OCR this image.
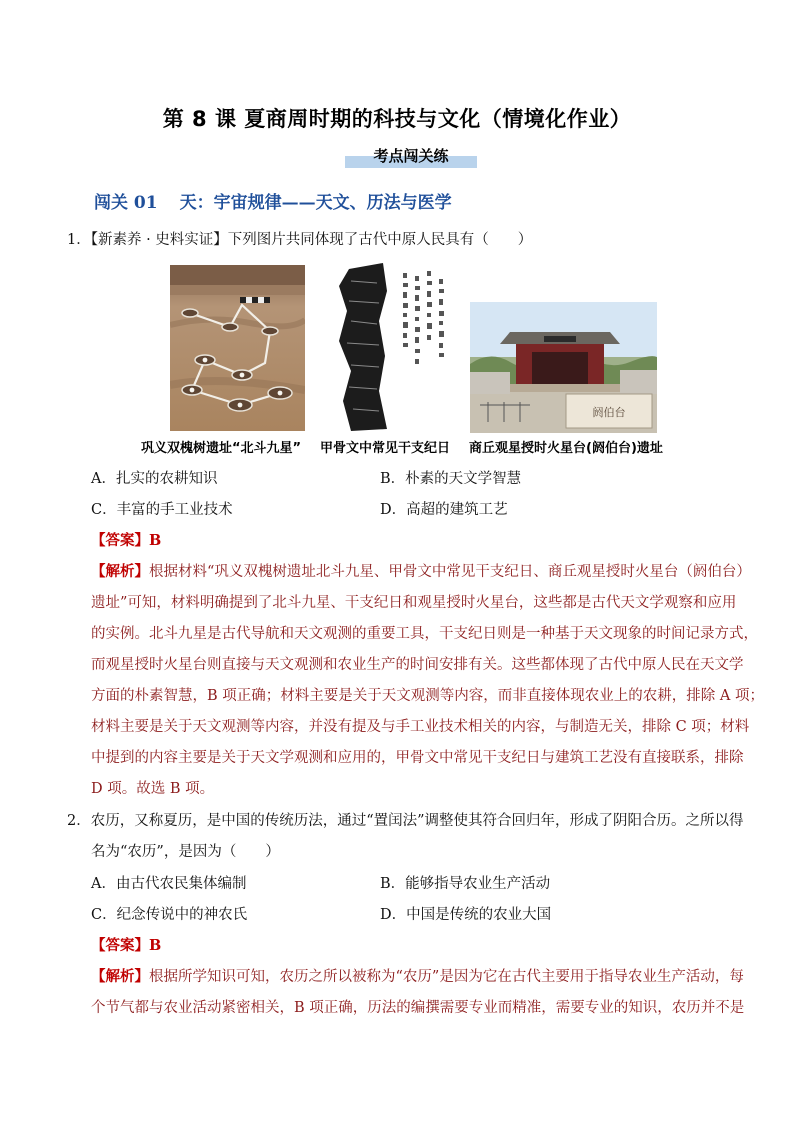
第 8 课 夏商周时期的科技与文化（情境化作业）
考点闯关练
闯关 01 天：宇宙规律——天文、历法与医学
1．【新素养 · 史料实证】下列图片共同体现了古代中原人民具有（　　）
阏伯台
巩义双槐树遗址“北斗九星” 甲骨文中常见干支纪日 商丘观星授时火星台(阏伯台)遗址
A．扎实的农耕知识	B．朴素的天文学智慧
C．丰富的手工业技术	D．高超的建筑工艺
【答案】B
【解析】根据材料“巩义双槐树遗址北斗九星、甲骨文中常见干支纪日、商丘观星授时火星台（阏伯台）
遗址”可知，材料明确提到了北斗九星、干支纪日和观星授时火星台，这些都是古代天文学观察和应用
的实例。北斗九星是古代导航和天文观测的重要工具，干支纪日则是一种基于天文现象的时间记录方式，
而观星授时火星台则直接与天文观测和农业生产的时间安排有关。这些都体现了古代中原人民在天文学
方面的朴素智慧，B 项正确；材料主要是关于天文观测等内容，而非直接体现农业上的农耕，排除 A 项；
材料主要是关于天文观测等内容，并没有提及与手工业技术相关的内容，与制造无关，排除 C 项；材料
中提到的内容主要是关于天文学观测和应用的，甲骨文中常见干支纪日与建筑工艺没有直接联系，排除
D 项。故选 B 项。
2．农历，又称夏历，是中国的传统历法，通过“置闰法”调整使其符合回归年，形成了阴阳合历。之所以得
名为“农历”，是因为（　　）
A．由古代农民集体编制	B．能够指导农业生产活动
C．纪念传说中的神农氏	D．中国是传统的农业大国
【答案】B
【解析】根据所学知识可知，农历之所以被称为“农历”是因为它在古代主要用于指导农业生产活动，每
个节气都与农业活动紧密相关，B 项正确，历法的编撰需要专业而精准，需要专业的知识，农历并不是
